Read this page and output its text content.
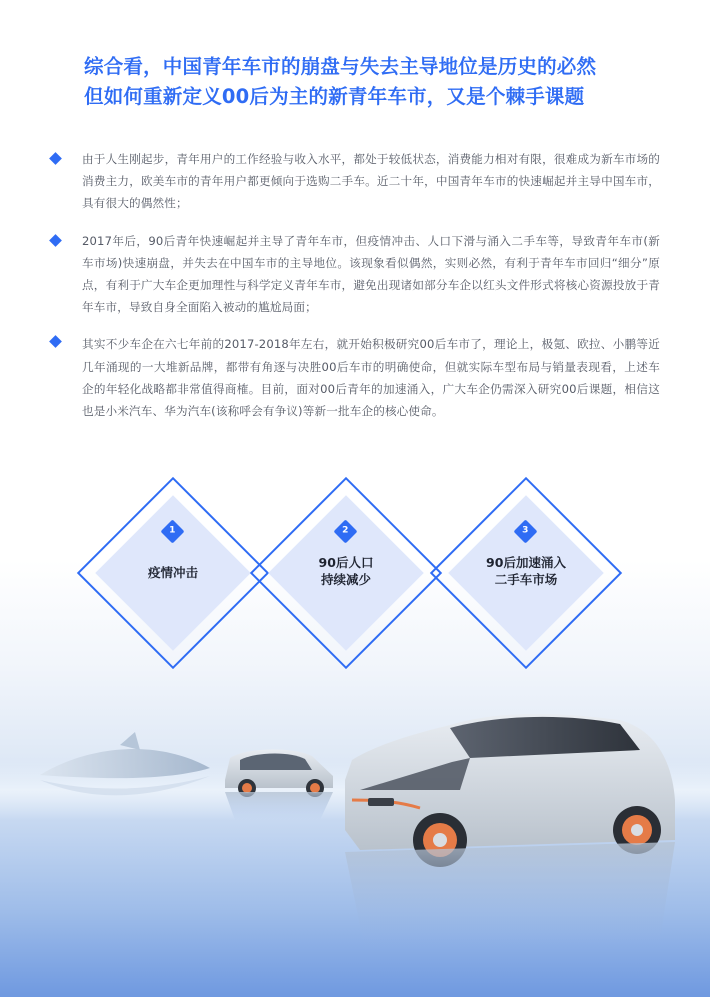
综合看，中国青年车市的崩盘与失去主导地位是历史的必然
但如何重新定义00后为主的新青年车市，又是个棘手课题
由于人生刚起步，青年用户的工作经验与收入水平，都处于较低状态，消费能力相对有限，很难成为新车市场的消费主力，欧美车市的青年用户都更倾向于选购二手车。近二十年，中国青年车市的快速崛起并主导中国车市，具有很大的偶然性；
2017年后，90后青年快速崛起并主导了青年车市，但疫情冲击、人口下滑与涌入二手车等，导致青年车市(新车市场)快速崩盘，并失去在中国车市的主导地位。该现象看似偶然，实则必然，有利于青年车市回归“细分”原点，有利于广大车企更加理性与科学定义青年车市，避免出现诸如部分车企以红头文件形式将核心资源投放于青年车市，导致自身全面陷入被动的尴尬局面；
其实不少车企在六七年前的2017-2018年左右，就开始积极研究00后车市了，理论上，极氪、欧拉、小鹏等近几年涌现的一大堆新品牌，都带有角逐与决胜00后车市的明确使命，但就实际车型布局与销量表现看，上述车企的年轻化战略都非常值得商榷。目前，面对00后青年的加速涌入，广大车企仍需深入研究00后课题，相信这也是小米汽车、华为汽车(该称呼会有争议)等新一批车企的核心使命。
1
疫情冲击
2
90后人口
持续减少
3
90后加速涌入
二手车市场
